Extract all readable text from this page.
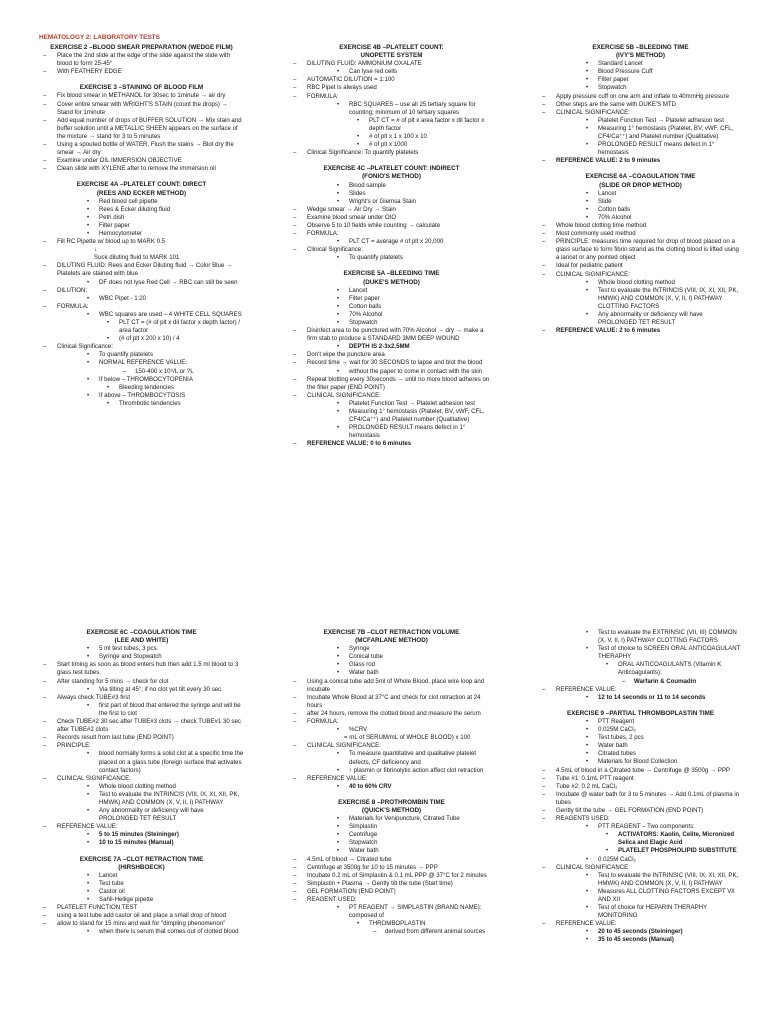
HEMATOLOGY 2: LABORATORY TESTS
EXERCISE 2 –BLOOD SMEAR PREPARATION (WEDGE FILM)
– Place the 2nd slide at the edge of the slide against the slide with blood to form 25-45°
– With FEATHERY EDGE
EXERCISE 3 –STAINING OF BLOOD FILM
– Fix blood smear in METHANOL for 30sec to 1minute → air dry
– Cover entire smear with WRIGHT'S STAIN (count the drops) → Stand for 1minute
– Add equal number of drops of BUFFER SOLUTION → Mix stain and buffer solution until a METALLIC SHEEN appears on the surface of the mixture → stand for 3 to 5 minutes
– Using a spouted bottle of WATER, Flush the stains → Blot dry the smear → Air dry
– Examine under OIL IMMERSION OBJECTIVE
– Clean slide with XYLENE after to remove the immersion oil
EXERCISE 4A –PLATELET COUNT: DIRECT
(REES AND ECKER METHOD)
• Red blood cell pipette
• Rees & Ecker diluting fluid
• Petri dish
• Filter paper
• Hemocytometer
– Fill RC Pipette w/ blood up to MARK 0.5
↓
Suck diluting fluid to MARK 101
– DILUTING FLUID: Rees and Ecker Diluting fluid → Color Blue → Platelets are stained with blue
• DF does not lyse Red Cell → RBC can still be seen
– DILUTION:
• WBC Pipet - 1:20
– FORMULA:
• WBC squares are used – 4 WHITE CELL SQUARES
• PLT CT = (# of plt x dil factor x depth factor) / area factor
• (# of plt x 200 x 10) / 4
– Clinical Significance:
• To quantify platelets
• NORMAL REFERENCE VALUE:
– 150-400 x 10⁹/L or ?L
• If below – THROMBOCYTOPENIA
• Bleeding tendencies
• If above – THROMBOCYTOSIS
• Thrombotic tendencies
EXERCISE 4B –PLATELET COUNT:
UNOPETTE SYSTEM
– DILUTING FLUID: AMMONIUM OXALATE
• Can lyse red cells
– AUTOMATIC DILUTION = 1:100
– RBC Pipet is always used
– FORMULA:
• RBC SQUARES – use all 25 tertiary square for counting; minimum of 10 tertiary squares
• PLT CT = # of plt x area factor x dil factor x depth factor
• # of plt x 1 x 100 x 10
• # of plt x 1000
– Clinical Significance: To quantify platelets
EXERCISE 4C –PLATELET COUNT: INDIRECT
(FONIO'S METHOD)
• Blood sample
• Slides
• Wright's or Giemsa Stain
– Wedge smear → Air Dry → Stain
– Examine blood smear under OIO
– Observe 5 to 10 fields while counting → calculate
– FORMULA:
• PLT CT = average # of plt x 20,000
– Clinical Significance:
• To quantify platelets
EXERCISE 5A –BLEEDING TIME
(DUKE'S METHOD)
• Lancet
• Filter paper
• Cotton balls
• 70% Alcohol
• Stopwatch
– Disinfect area to be punctured with 70% Alcohol → dry → make a firm stab to produce a STANDARD 3MM DEEP WOUND
• DEPTH IS 2-3x2.5MM
– Don't wipe the puncture area
– Record time → wait for 30 SECONDS to lapse and blot the blood
• without the paper to come in contact with the skin
– Repeat blotting every 30seconds → until no more blood adheres on the filter paper (END POINT)
– CLINICAL SIGNIFICANCE:
• Platelet Function Test → Platelet adhesion test
• Measuring 1° hemostasis (Platelet, BV, vWF, CFL, CF4/Ca⁺⁺) and Platelet number (Qualitative)
• PROLONGED RESULT means defect in 1° hemostasis
– REFERENCE VALUE: 0 to 6 minutes
EXERCISE 5B –BLEEDING TIME
(IVY'S METHOD)
• Standard Lancet
• Blood Pressure Cuff
• Filter paper
• Stopwatch
– Apply pressure cuff on one arm and inflate to 40mmHg pressure
– Other steps are the same with DUKE'S MTD
– CLINICAL SIGNIFICANCE:
• Platelet Function Test → Platelet adhesion test
• Measuring 1° hemostasis (Platelet, BV, vWF, CFL, CF4/Ca⁺⁺) and Platelet number (Qualitative)
• PROLONGED RESULT means defect in 1° hemostasis
– REFERENCE VALUE: 2 to 9 minutes
EXERCISE 6A –COAGULATION TIME
(SLIDE OR DROP METHOD)
• Lancet
• Slide
• Cotton balls
• 70% Alcohol
– Whole blood clotting time method
– Most commonly used method
– PRINCIPLE: measures time required for drop of blood placed on a glass surface to form fibrin strand as the clotting blood is lifted using a lancet or any pointed object
– Ideal for pediatric patient
– CLINICAL SIGNIFICANCE:
• Whole blood clotting method
• Test to evaluate the INTRINCIS (VIII, IX, XI, XII, PK, HMWK) AND COMMON (X, V, II, I) PATHWAY CLOTTING FACTORS
• Any abnormality or deficiency will have PROLONGED TET RESULT
– REFERENCE VALUE: 2 to 6 minutes
EXERCISE 6C –COAGULATION TIME
(LEE AND WHITE)
• 5 ml test tubes, 3 pcs.
• Syringe and Stopwatch
– Start timing as soon as blood enters hub then add 1.5 ml blood to 3 glass test tubes.
– After standing for 5 mins → check for clot
• Via tilting at 45°; if no clot yet tilt every 30 sec.
– Always check TUBE#3 first
• first part of blood that entered the syringe and will be the first to clot
– Check TUBE#2 30 sec after TUBE#3 clots → check TUBE#1 30 sec after TUBE#2 clots
– Records result from last tube (END POINT)
– PRINCIPLE:
• blood normally forms a solid clot at a specific time the placed on a glass tube (foreign surface that activates contact factors)
– CLINICAL SIGNIFICANCE:
• Whole blood clotting method
• Test to evaluate the INTRINCIS (VIII, IX, XI, XII, PK, HMWK) AND COMMON (X, V, II, I) PATHWAY
• Any abnormality or deficiency will have PROLONGED TET RESULT
– REFERENCE VALUE:
• 5 to 15 minutes (Steininger)
• 10 to 15 minutes (Manual)
EXERCISE 7A –CLOT RETRACTION TIME
(HIRSHBOECK)
• Lancet
• Test tube
• Castor oil
• Sahli-Hellige pipette
– PLATELET FUNCTION TEST
– using a test tube add castor oil and place a small drop of blood
– allow to stand for 15 mins and wait for "dimpling phenomenon"
• when there is serum that comes out of clotted blood
EXERCISE 7B –CLOT RETRACTION VOLUME
(MCFARLANE METHOD)
• Syringe
• Conical tube
• Glass rod
• Water bath
– Using a conical tube add 5ml of Whole Blood, place wire loop and incubate
– Incubate Whole Blood at 37°C and check for clot retraction at 24 hours
– after 24 hours, remove the clotted blood and measure the serum
– FORMULA:
• %CRV
= mL of SERUM/mL of WHOLE BLOOD) x 100
– CLINICAL SIGNIFICANCE:
• To measure quantitative and qualitative platelet defects, CF deficiency and
• ↑ plasmin or fibrinolytic action affect clot retraction
– REFERENCE VALUE:
• 40 to 60% CRV
EXERCISE 8 –PROTHROMBIN TIME
(QUICK'S METHOD)
• Materials for Venipuncture, Citrated Tube
• Simplastin
• Centrifuge
• Stopwatch
• Water bath
– 4.5mL of blood → Citrated tube
– Centrifuge at 3500g for 10 to 15 minutes → PPP
– Incubate 0.2 mL of Simplastin & 0.1 mL PPP @ 37°C for 2 minutes
– Simplastin + Plasma → Gently tilt the tube (Start time)
– GEL FORMATION (END POINT)
– REAGENT USED:
• PT REAGENT → SIMPLASTIN (BRAND NAME): composed of
• THROMBOPLASTIN
– derived from different animal sources
• Test to evaluate the EXTRINSIC (VII, III) COMMON (X, V, II, I) PATHWAY CLOTTING FACTORS
• Test of choice to SCREEN ORAL ANTICOAGULANT THERAPHY
• ORAL ANTICOAGULANTS (Vitamin K Anticoagulants):
– Warfarin & Coumadin
– REFERENCE VALUE:
• 12 to 14 seconds or 11 to 14 seconds
EXERCISE 9 –PARTIAL THROMBOPLASTIN TIME
• PTT Reagent
• 0.025M CaCl₂
• Test tubes, 2 pcs
• Water bath
• Citrated tubes
• Materials for Blood Collection
– 4.5mL of blood in a Citrated tube → Centrifuge @ 3500g → PPP
– Tube #1: 0.1mL PTT reagent
– Tube #2: 0.2 mL CaCl₂
– Incubate @ water bath for 3 to 5 minutes → Add 0.1mL of plasma in tubes
– Gently tilt the tube → GEL FORMATION (END POINT)
– REAGENTS USED:
• PTT REAGENT – Two components:
• ACTIVATORS: Kaolin, Celite, Micronized Selica and Elagic Acid
• PLATELET PHOSPHOLIPID SUBSTITUTE
• 0.025M CaCl₂
– CLINICAL SIGNIFICANCE:
• Test to evaluate the INTRINSIC (VIII, IX, XI, XII, PK, HMWK) AND COMMON (X, V, II, I) PATHWAY
• Measures ALL CLOTTING FACTORS EXCEPT VII AND XII
• Test of choice for HEPARIN THERAPHY MONITORING
– REFERENCE VALUE:
• 20 to 45 seconds (Steininger)
• 35 to 45 seconds (Manual)
